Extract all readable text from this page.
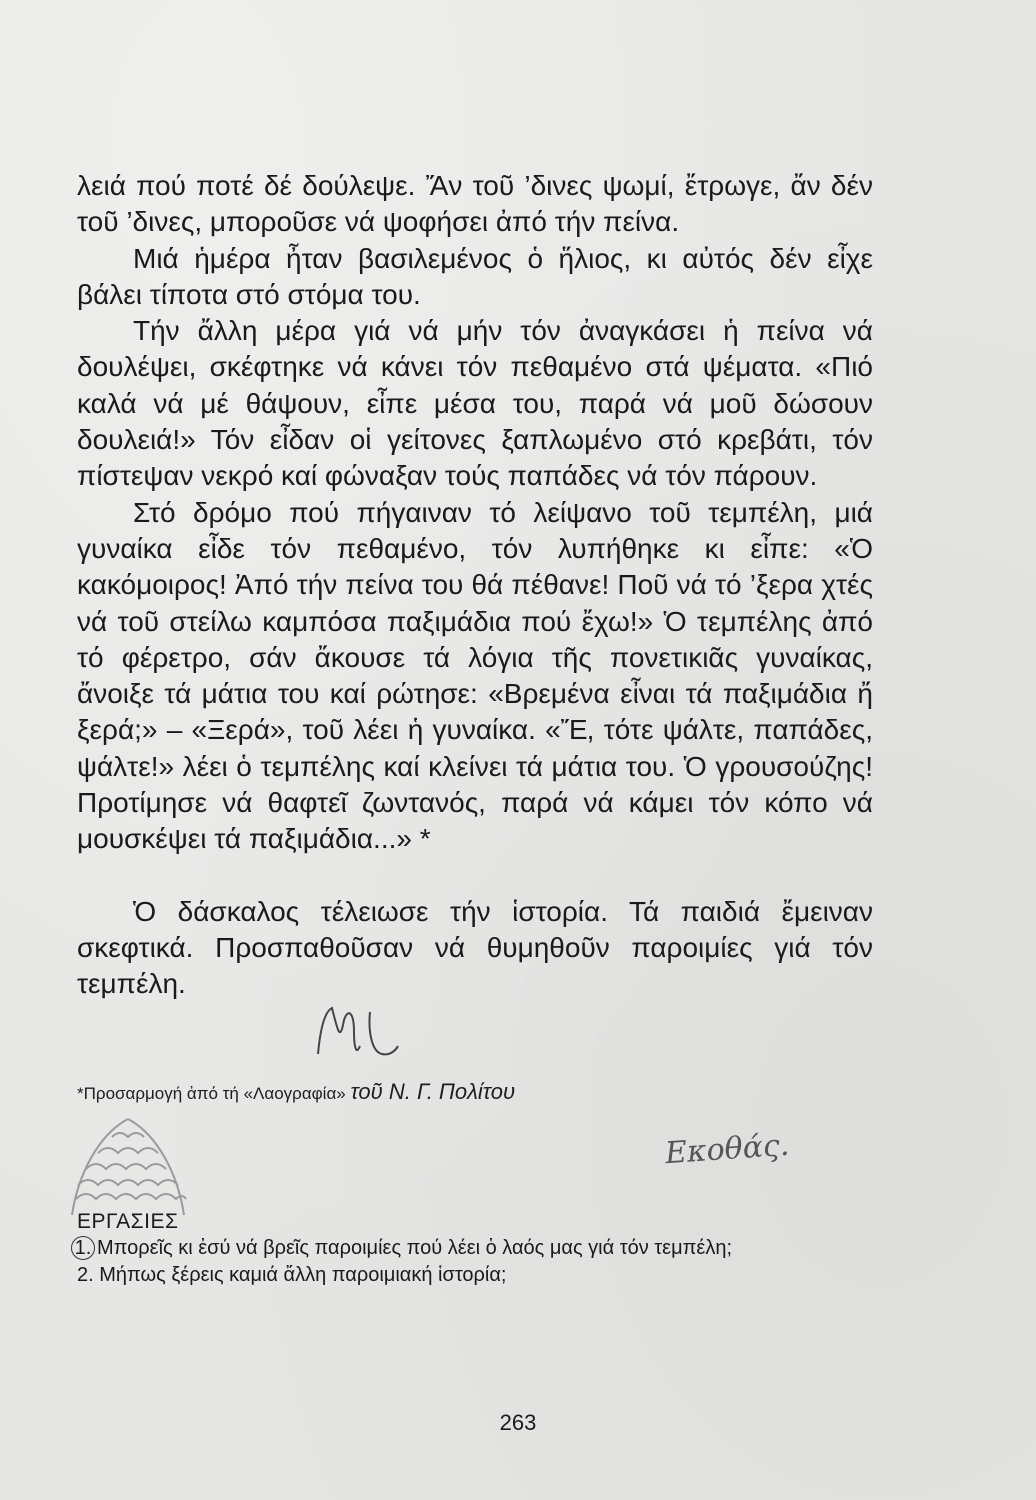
λειά πού ποτέ δέ δούλεψε. Ἄν τοῦ ’δινες ψωμί, ἔτρωγε, ἄν δέν τοῦ ’δινες, μποροῦσε νά ψοφήσει ἀπό τήν πείνα.

Μιά ἡμέρα ἦταν βασιλεμένος ὁ ἥλιος, κι αὐτός δέν εἶχε βάλει τίποτα στό στόμα του.

Τήν ἄλλη μέρα γιά νά μήν τόν ἀναγκάσει ἡ πείνα νά δουλέψει, σκέφτηκε νά κάνει τόν πεθαμένο στά ψέματα. «Πιό καλά νά μέ θάψουν, εἶπε μέσα του, παρά νά μοῦ δώσουν δουλειά!» Τόν εἶδαν οἱ γείτονες ξαπλωμένο στό κρεβάτι, τόν πίστεψαν νεκρό καί φώναξαν τούς παπάδες νά τόν πάρουν.

Στό δρόμο πού πήγαιναν τό λείψανο τοῦ τεμπέλη, μιά γυναίκα εἶδε τόν πεθαμένο, τόν λυπήθηκε κι εἶπε: «Ὁ κακόμοιρος! Ἀπό τήν πείνα του θά πέθανε! Ποῦ νά τό ’ξερα χτές νά τοῦ στείλω καμπόσα παξιμάδια πού ἔχω!» Ὁ τεμπέλης ἀπό τό φέρετρο, σάν ἄκουσε τά λόγια τῆς πονετικιᾶς γυναίκας, ἄνοιξε τά μάτια του καί ρώτησε: «Βρεμένα εἶναι τά παξιμάδια ἤ ξερά;» – «Ξερά», τοῦ λέει ἡ γυναίκα. «Ἔ, τότε ψάλτε, παπάδες, ψάλτε!» λέει ὁ τεμπέλης καί κλείνει τά μάτια του. Ὁ γρουσούζης! Προτίμησε νά θαφτεῖ ζωντανός, παρά νά κάμει τόν κόπο νά μουσκέψει τά παξιμάδια...» *

Ὁ δάσκαλος τέλειωσε τήν ἱστορία. Τά παιδιά ἔμειναν σκεφτικά. Προσπαθοῦσαν νά θυμηθοῦν παροιμίες γιά τόν τεμπέλη.

*Προσαρμογή ἀπό τή «Λαογραφία» τοῦ Ν. Γ. Πολίτου
Εκοθάς.
ΕΡΓΑΣΙΕΣ

1. Μπορεῖς κι ἐσύ νά βρεῖς παροιμίες πού λέει ὁ λαός μας γιά τόν τεμπέλη;

2. Μήπως ξέρεις καμιά ἄλλη παροιμιακή ἱστορία;

263
